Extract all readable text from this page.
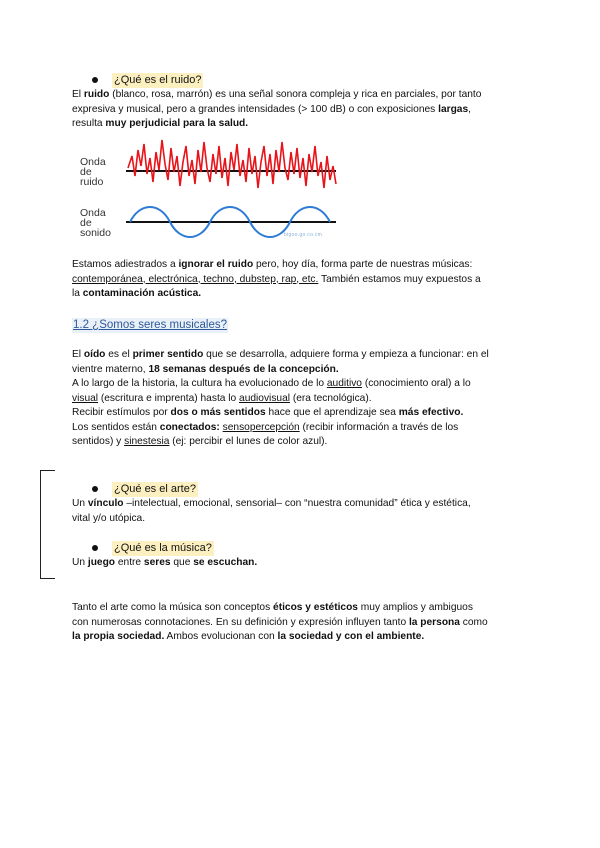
¿Qué es el ruido?
El ruido (blanco, rosa, marrón) es una señal sonora compleja y rica en parciales, por tanto
expresiva y musical, pero a grandes intensidades (> 100 dB) o con exposiciones largas,
resulta muy perjudicial para la salud.
Onda
de
ruido
Onda
de
sonido	bigoo.go.co.cm
Estamos adiestrados a ignorar el ruido pero, hoy día, forma parte de nuestras músicas:
contemporánea, electrónica, techno, dubstep, rap, etc. También estamos muy expuestos a
la contaminación acústica.
1.2 ¿Somos seres musicales?
El oído es el primer sentido que se desarrolla, adquiere forma y empieza a funcionar: en el
vientre materno, 18 semanas después de la concepción.
A lo largo de la historia, la cultura ha evolucionado de lo auditivo (conocimiento oral) a lo
visual (escritura e imprenta) hasta lo audiovisual (era tecnológica).
Recibir estímulos por dos o más sentidos hace que el aprendizaje sea más efectivo.
Los sentidos están conectados: sensopercepción (recibir información a través de los
sentidos) y sinestesia (ej: percibir el lunes de color azul).
¿Qué es el arte?
Un vínculo –intelectual, emocional, sensorial– con “nuestra comunidad” ética y estética,
vital y/o utópica.
¿Qué es la música?
Un juego entre seres que se escuchan.
Tanto el arte como la música son conceptos éticos y estéticos muy amplios y ambiguos
con numerosas connotaciones. En su definición y expresión influyen tanto la persona como
la propia sociedad. Ambos evolucionan con la sociedad y con el ambiente.
